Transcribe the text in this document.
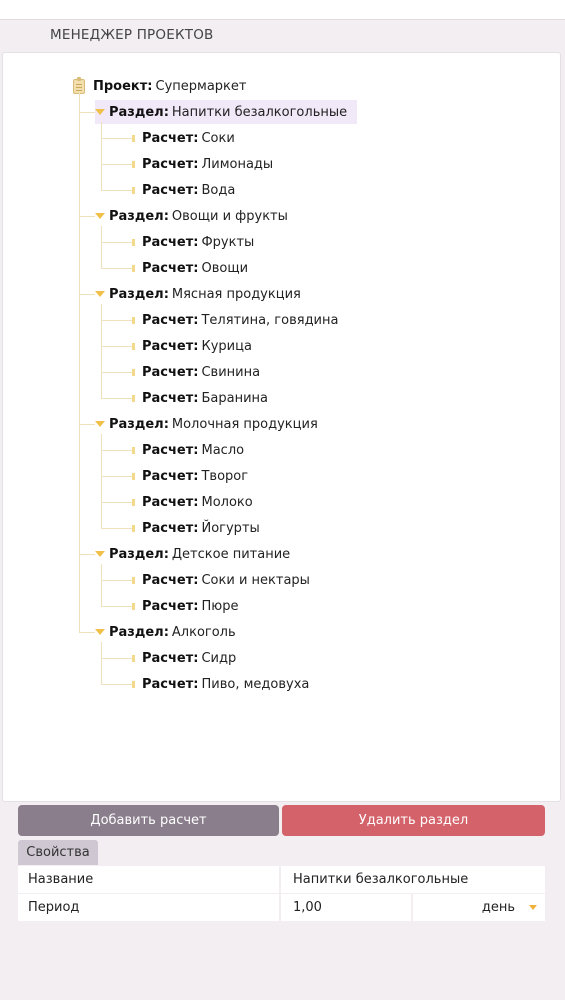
МЕНЕДЖЕР ПРОЕКТОВ
Проект: Супермаркет
Раздел: Напитки безалкогольные
Расчет: Соки
Расчет: Лимонады
Расчет: Вода
Раздел: Овощи и фрукты
Расчет: Фрукты
Расчет: Овощи
Раздел: Мясная продукция
Расчет: Телятина, говядина
Расчет: Курица
Расчет: Свинина
Расчет: Баранина
Раздел: Молочная продукция
Расчет: Масло
Расчет: Творог
Расчет: Молоко
Расчет: Йогурты
Раздел: Детское питание
Расчет: Соки и нектары
Расчет: Пюре
Раздел: Алкоголь
Расчет: Сидр
Расчет: Пиво, медовуха
Добавить расчет	Удалить раздел
Свойства
Название	Напитки безалкогольные
Период	1,00	день
